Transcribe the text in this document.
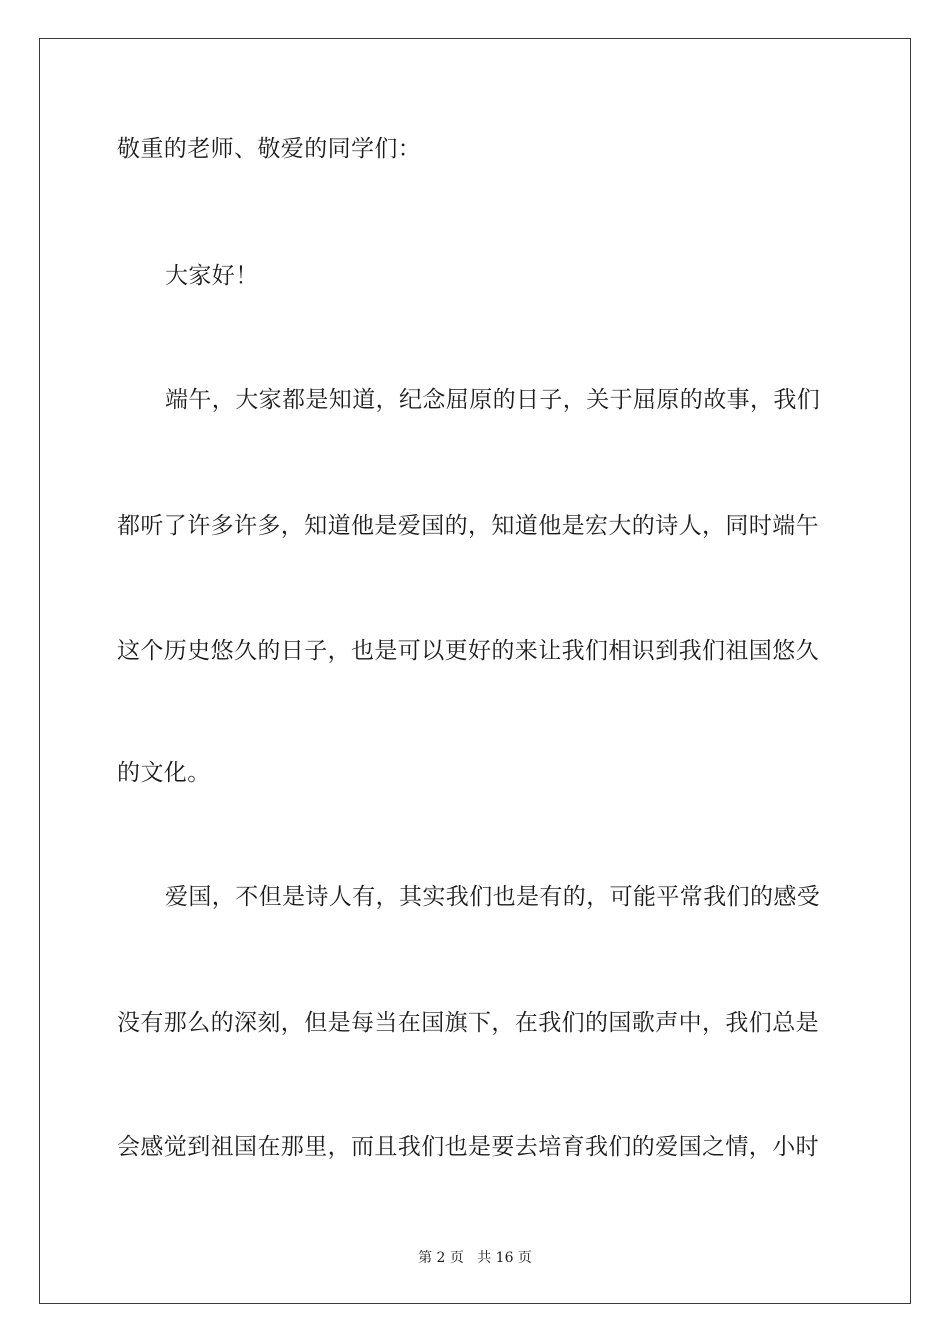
敬重的老师、敬爱的同学们：
大家好！
端午，大家都是知道，纪念屈原的日子，关于屈原的故事，我们
都听了许多许多，知道他是爱国的，知道他是宏大的诗人，同时端午
这个历史悠久的日子，也是可以更好的来让我们相识到我们祖国悠久
的文化。
爱国，不但是诗人有，其实我们也是有的，可能平常我们的感受
没有那么的深刻，但是每当在国旗下，在我们的国歌声中，我们总是
会感觉到祖国在那里，而且我们也是要去培育我们的爱国之情，小时
第 2 页   共 16 页
